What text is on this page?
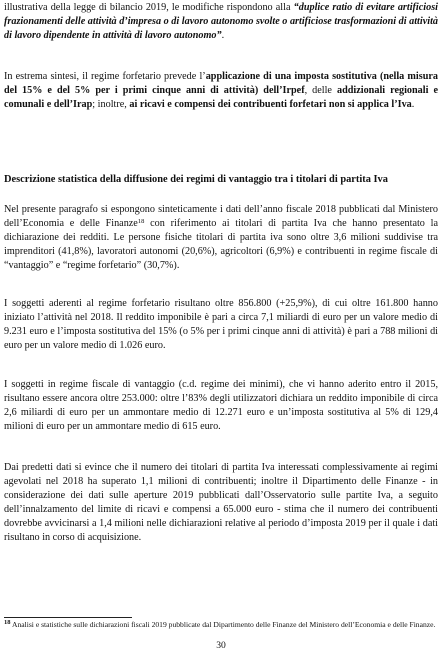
illustrativa della legge di bilancio 2019, le modifiche rispondono alla “duplice ratio di evitare artificiosi frazionamenti delle attività d’impresa o di lavoro autonomo svolte o artificiose trasformazioni di attività di lavoro dipendente in attività di lavoro autonomo”.

In estrema sintesi, il regime forfetario prevede l’applicazione di una imposta sostitutiva (nella misura del 15% e del 5% per i primi cinque anni di attività) dell’Irpef, delle addizionali regionali e comunali e dell’Irap; inoltre, ai ricavi e compensi dei contribuenti forfetari non si applica l’Iva.

Descrizione statistica della diffusione dei regimi di vantaggio tra i titolari di partita Iva

Nel presente paragrafo si espongono sinteticamente i dati dell’anno fiscale 2018 pubblicati dal Ministero dell’Economia e delle Finanze$^{18}$ con riferimento ai titolari di partita Iva che hanno presentato la dichiarazione dei redditi. Le persone fisiche titolari di partita iva sono oltre 3,6 milioni suddivise tra imprenditori (41,8%), lavoratori autonomi (20,6%), agricoltori (6,9%) e contribuenti in regime fiscale di “vantaggio” e “regime forfetario” (30,7%).

I soggetti aderenti al regime forfetario risultano oltre 856.800 (+25,9%), di cui oltre 161.800 hanno iniziato l’attività nel 2018. Il reddito imponibile è pari a circa 7,1 miliardi di euro per un valore medio di 9.231 euro e l’imposta sostitutiva del 15% (o 5% per i primi cinque anni di attività) è pari a 788 milioni di euro per un valore medio di 1.026 euro.

I soggetti in regime fiscale di vantaggio (c.d. regime dei minimi), che vi hanno aderito entro il 2015, risultano essere ancora oltre 253.000: oltre l’83% degli utilizzatori dichiara un reddito imponibile di circa 2,6 miliardi di euro per un ammontare medio di 12.271 euro e un’imposta sostitutiva al 5% di 129,4 milioni di euro per un ammontare medio di 615 euro.

Dai predetti dati si evince che il numero dei titolari di partita Iva interessati complessivamente ai regimi agevolati nel 2018 ha superato 1,1 milioni di contribuenti; inoltre il Dipartimento delle Finanze - in considerazione dei dati sulle aperture 2019 pubblicati dall’Osservatorio sulle partite Iva, a seguito dell’innalzamento del limite di ricavi e compensi a 65.000 euro - stima che il numero dei contribuenti dovrebbe avvicinarsi a 1,4 milioni nelle dichiarazioni relative al periodo d’imposta 2019 per il quale i dati risultano in corso di acquisizione.

$^{18}$ Analisi e statistiche sulle dichiarazioni fiscali 2019 pubblicate dal Dipartimento delle Finanze del Ministero dell’Economia e delle Finanze.

30
